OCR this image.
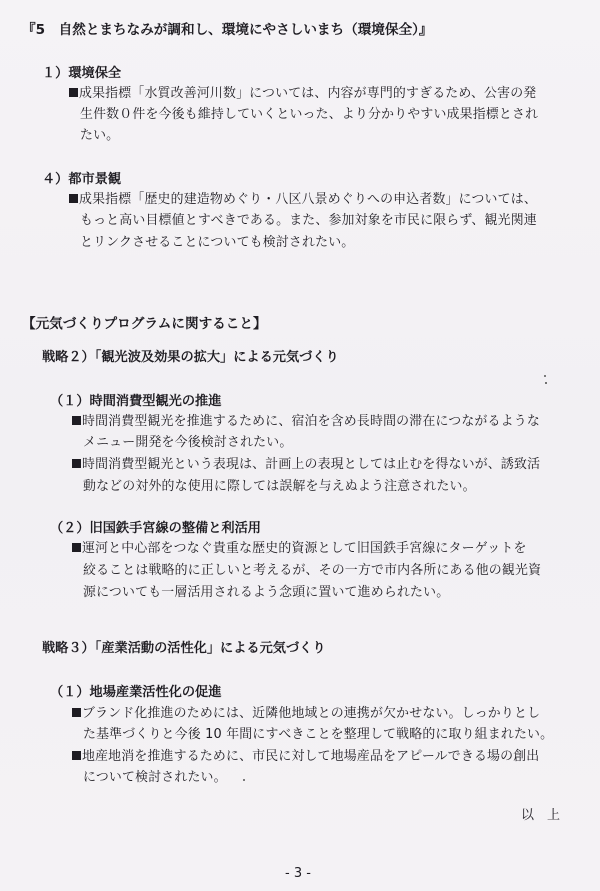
『5　自然とまちなみが調和し、環境にやさしいまち（環境保全）』
１）環境保全
成果指標「水質改善河川数」については、内容が専門的すぎるため、公害の発
生件数０件を今後も維持していくといった、より分かりやすい成果指標とされ
たい。
４）都市景観
成果指標「歴史的建造物めぐり・八区八景めぐりへの申込者数」については、
もっと高い目標値とすべきである。また、参加対象を市民に限らず、観光関連
とリンクさせることについても検討されたい。
【元気づくりプログラムに関すること】
戦略２）「観光波及効果の拡大」による元気づくり
（１）時間消費型観光の推進
時間消費型観光を推進するために、宿泊を含め長時間の滞在につながるような
メニュー開発を今後検討されたい。
時間消費型観光という表現は、計画上の表現としては止むを得ないが、誘致活
動などの対外的な使用に際しては誤解を与えぬよう注意されたい。
（２）旧国鉄手宮線の整備と利活用
運河と中心部をつなぐ貴重な歴史的資源として旧国鉄手宮線にターゲットを
絞ることは戦略的に正しいと考えるが、その一方で市内各所にある他の観光資
源についても一層活用されるよう念頭に置いて進められたい。
戦略３）「産業活動の活性化」による元気づくり
（１）地場産業活性化の促進
ブランド化推進のためには、近隣他地域との連携が欠かせない。しっかりとし
た基準づくりと今後 10 年間にすべきことを整理して戦略的に取り組まれたい。
地産地消を推進するために、市民に対して地場産品をアピールできる場の創出
について検討されたい。
以　上
- 3 -
